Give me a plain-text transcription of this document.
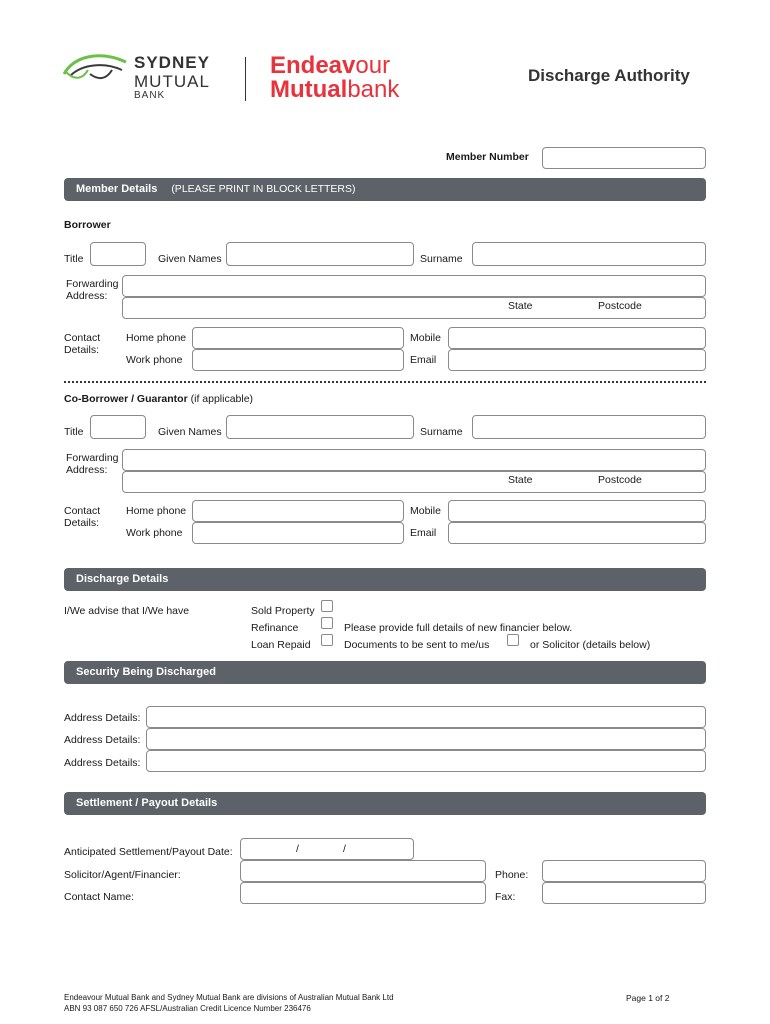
SYDNEY
MUTUAL
BANK
Endeavour
Mutualbank
Discharge Authority
Member Number
Member Details (PLEASE PRINT IN BLOCK LETTERS)
Borrower
Title	Given Names	Surname
Forwarding
Address:
State	Postcode
Contact
Details:
Home phone	Mobile
Work phone	Email
Co-Borrower / Guarantor (if applicable)
Title	Given Names	Surname
Forwarding
Address:
State	Postcode
Contact
Details:
Home phone	Mobile
Work phone	Email
Discharge Details
I/We advise that I/We have	Sold Property
Refinance	Please provide full details of new financier below.
Loan Repaid	Documents to be sent to me/us	or Solicitor (details below)
Security Being Discharged
Address Details:
Address Details:
Address Details:
Settlement / Payout Details
Anticipated Settlement/Payout Date:	/	/
Solicitor/Agent/Financier:	Phone:
Contact Name:	Fax:
Endeavour Mutual Bank and Sydney Mutual Bank are divisions of Australian Mutual Bank Ltd
ABN 93 087 650 726 AFSL/Australian Credit Licence Number 236476
Page 1 of 2
